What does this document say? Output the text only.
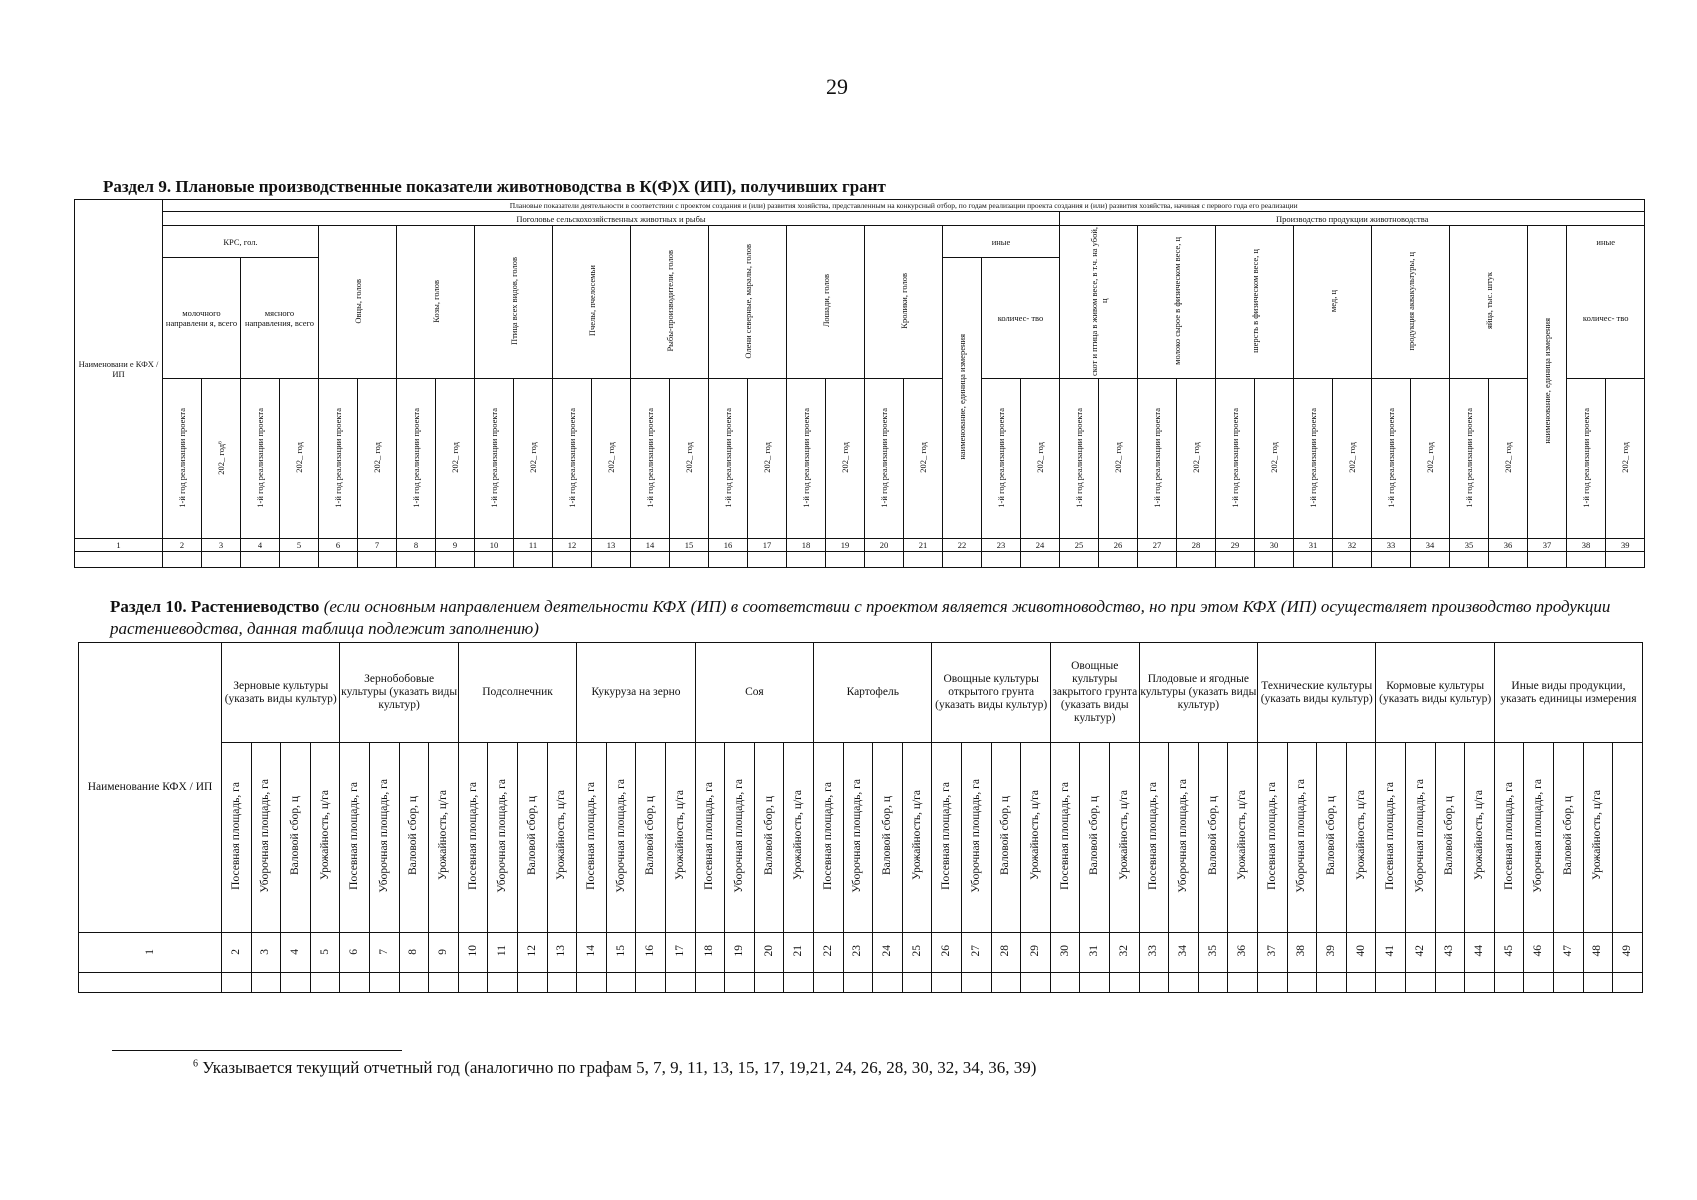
29
Раздел 9. Плановые производственные показатели животноводства в К(Ф)Х (ИП), получивших грант
Наименовани е КФХ / ИП	Плановые показатели деятельности в соответствии с проектом создания и (или) развития хозяйства, представленным на конкурсный отбор, по годам реализации проекта создания и (или) развития хозяйства, начиная с первого года его реализации																																						
	Поголовье сельскохозяйственных животных и рыбы																							Производство продукции животноводства															
	КРС, гол.				Овцы, голов		Козы, голов		Птица всех видов, голов		Пчелы, пчелосемьи		Рыбы-производители, голов		Олени северные, маралы, голов		Лошади, голов		Кролики, голов		иные			скот и птица в живом весе, в т.ч. на убой, ц		молоко сырое в физическом весе, ц		шерсть в физическом весе, ц		мед, ц		продукция аквакультуры, ц		яйца, тыс. штук		наименование, единица измерения	иные		
	молочного направлени я, всего		мясного направления, всего																		наименование, единица измерения	количес- тво															количес- тво		
	1-й год реализации проекта	202_ год⁶	1-й год реализации проекта	202_ год	1-й год реализации проекта	202_ год	1-й год реализации проекта	202_ год	1-й год реализации проекта	202_ год	1-й год реализации проекта	202_ год	1-й год реализации проекта	202_ год	1-й год реализации проекта	202_ год	1-й год реализации проекта	202_ год	1-й год реализации проекта	202_ год		1-й год реализации проекта	202_ год	1-й год реализации проекта	202_ год	1-й год реализации проекта	202_ год	1-й год реализации проекта	202_ год	1-й год реализации проекта	202_ год	1-й год реализации проекта	202_ год	1-й год реализации проекта	202_ год		1-й год реализации проекта	202_ год	
1	2	3	4	5	6	7	8	9	10	11	12	13	14	15	16	17	18	19	20	21	22	23	24	25	26	27	28	29	30	31	32	33	34	35	36	37	38	39	

Раздел 10. Растениеводство (если основным направлением деятельности КФХ (ИП) в соответствии с проектом является животноводство, но при этом КФХ (ИП) осуществляет производство продукции растениеводства, данная таблица подлежит заполнению)
Наименование КФХ / ИП	Зерновые культуры (указать виды культур)				Зернобобовые культуры (указать виды культур)				Подсолнечник				Кукуруза на зерно				Соя				Картофель				Овощные культуры открытого грунта (указать виды культур)				Овощные культуры закрытого грунта (указать виды культур)			Плодовые и ягодные культуры (указать виды культур)				Технические культуры (указать виды культур)				Кормовые культуры (указать виды культур)				Иные виды продукции, указать единицы измерения				
	Посевная площадь, га	Уборочная площадь, га	Валовой сбор, ц	Урожайность, ц/га	Посевная площадь, га	Уборочная площадь, га	Валовой сбор, ц	Урожайность, ц/га	Посевная площадь, га	Уборочная площадь, га	Валовой сбор, ц	Урожайность, ц/га	Посевная площадь, га	Уборочная площадь, га	Валовой сбор, ц	Урожайность, ц/га	Посевная площадь, га	Уборочная площадь, га	Валовой сбор, ц	Урожайность, ц/га	Посевная площадь, га	Уборочная площадь, га	Валовой сбор, ц	Урожайность, ц/га	Посевная площадь, га	Уборочная площадь, га	Валовой сбор, ц	Урожайность, ц/га	Посевная площадь, га	Валовой сбор, ц	Урожайность, ц/га	Посевная площадь, га	Уборочная площадь, га	Валовой сбор, ц	Урожайность, ц/га	Посевная площадь, га	Уборочная площадь, га	Валовой сбор, ц	Урожайность, ц/га	Посевная площадь, га	Уборочная площадь, га	Валовой сбор, ц	Урожайность, ц/га	Посевная площадь, га	Уборочная площадь, га	Валовой сбор, ц	Урожайность, ц/га	
1	2	3	4	5	6	7	8	9	10	11	12	13	14	15	16	17	18	19	20	21	22	23	24	25	26	27	28	29	30	31	32	33	34	35	36	37	38	39	40	41	42	43	44	45	46	47	48	49

$^6$ Указывается текущий отчетный год (аналогично по графам 5, 7, 9, 11, 13, 15, 17, 19,21, 24, 26, 28, 30, 32, 34, 36, 39)
